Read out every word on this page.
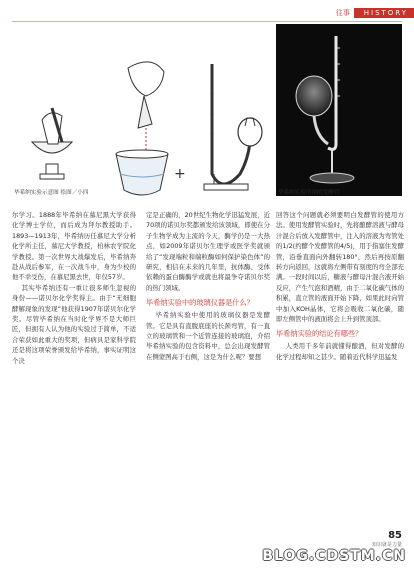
往事	HISTORY
+
毕希纳实验示意图 绘图／小四	毕希纳实验所用的发酵管

尔学习。1888年毕希纳在慕尼黑大学获得化学博士学位，而后成为拜尔教授助手。1893—1913年，毕希纳历任慕尼大学分析化学所主任，慕尼大学教授，柏林农学院化学教授。第一次世界大战爆发后，毕希纳奔赴从战后参军，在一次战斗中，身为少校的他不幸受伤，在慕尼黑去世，年仅57岁。

其实毕希纳还有一重让很多师生忽视的身份——诺贝尔化学奖得主。由于“无细胞酵解现象的发现”他获得1907年诺贝尔化学奖。尽管毕希纳在当时化学界不是大师巨匠，但拥有人认为他的实验过于简单，不适合荣获如此重大的奖项，但病具是家科学院还是将这项荣誉颁发给毕希纳，事实证明这个决

定是正确的，20世纪生物化学迅猛发展，近70项的诺贝尔奖都颁发给该领域，即使在分子生物学成为主流的今天，酶学仍是一大热点，如2009年诺贝尔生理学或医学奖就颁给了“发现端粒和端粒酶如何保护染色体”的研究，相信在未来的几年里，抗体酶、受体依赖的蛋白酶酶学或就也将最争夺诺贝尔奖的热门领域。

毕希纳实验中的玻璃仪器是什么？

毕希纳实验中使用的玻璃仪器是发酵管。它是具有直腹底座的长颈弯管，有一直立的玻璃管和一个近管连接的玻璃泡，介绍毕希纳实验的包含资料中，总会出现发酵管在侧蒙图高于右侧，这是为什么呢？要想

回答这个问题就必须要明白发酵管的使用方法。使用发酵管实验时，先将酿酵溶液与酵母汁混合后放入发酵管中，注入的溶液为弯管处的1/2(约酵个发酵管的4/5)，用于指塞住发酵管，沿垂直面向外翻转180°，然后再按原翻转方向返回，这就将左侧带有刻度的弯全部充满。一段时间以后，糖液与酵母汁混合液开始反应，产生气泡和酒精，由于二氧化碳气体的积累，直立管的液面开始下降，如果此时向管中加入KOH晶体，它将会吸收二氧化碳，随即左侧管中的液面将会上升到管顶部。

毕希纳实验的结论有哪些？

人类用千多年前就懂得酿酒，但对发酵的化学过程却知之甚少。随着近代科学迅猛发

85
知识就是力量
BLOG.CDSTM.CN
